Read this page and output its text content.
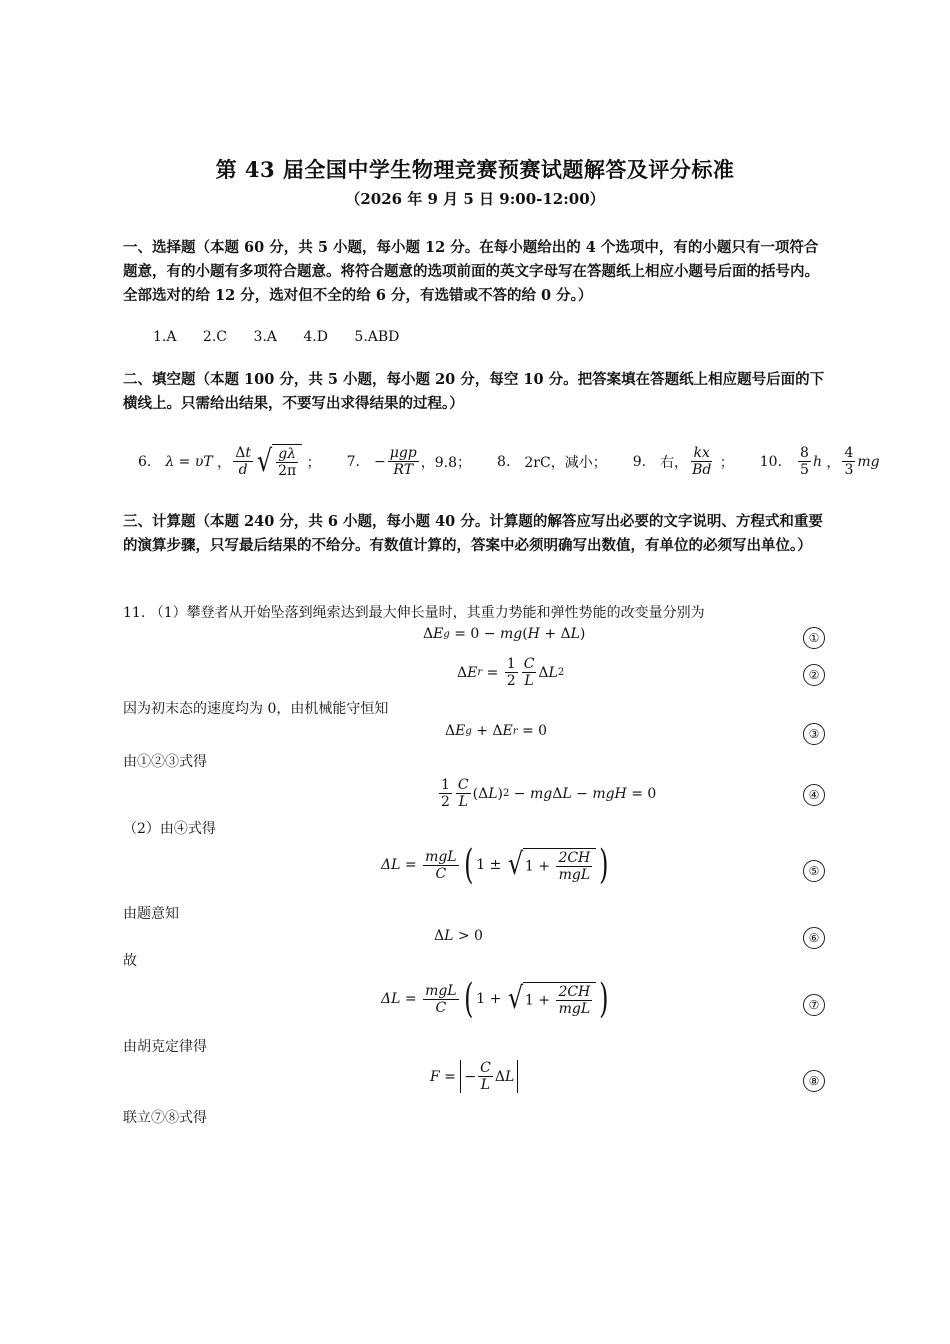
第 43 届全国中学生物理竞赛预赛试题解答及评分标准
（2026 年 9 月 5 日 9:00-12:00）
一、选择题（本题 60 分，共 5 小题，每小题 12 分。在每小题给出的 4 个选项中，有的小题只有一项符合题意，有的小题有多项符合题意。将符合题意的选项前面的英文字母写在答题纸上相应小题号后面的括号内。全部选对的给 12 分，选对但不全的给 6 分，有选错或不答的给 0 分。）
1.A 2.C 3.A 4.D 5.ABD
二、填空题（本题 100 分，共 5 小题，每小题 20 分，每空 10 分。把答案填在答题纸上相应题号后面的下横线上。只需给出结果，不要写出求得结果的过程。）
6. λ = υT ， $\frac{\Delta t}{d}$ √ $\frac{g\lambda}{2\pi}$ ； 7. − $\frac{\text{μgp}}{RT}$ ，9.8； 8. 2rC，减小； 9. 右， $\frac{kx}{Bd}$ ； 10. $\frac{8}{5}$ h ， $\frac{4}{3}$ mg
三、计算题（本题 240 分，共 6 小题，每小题 40 分。计算题的解答应写出必要的文字说明、方程式和重要的演算步骤，只写最后结果的不给分。有数值计算的，答案中必须明确写出数值，有单位的必须写出单位。）
11. （1）攀登者从开始坠落到绳索达到最大伸长量时，其重力势能和弹性势能的改变量分别为
Δ E g = 0 − mg ( H + Δ L )	①
Δ E $r = \frac{1}{2} \frac{C}{L}$ Δ L 2	②
因为初末态的速度均为 0，由机械能守恒知
Δ E g + Δ E r = 0	③
由①②③式得
$\frac{1}{2} \frac{C}{L} (\Delta$ L ) 2 − mg Δ L − mgH = 0	④
（2）由④式得
$\Delta L = \frac{\text{mgL}}{C}$ ( 1 ± √ $1 + \frac{2CH}{\text{mgL}}$ )	⑤
由题意知
Δ L > 0	⑥
故
$\Delta L = \frac{\text{mgL}}{C}$ ( 1 + √ $1 + \frac{2CH}{\text{mgL}}$ )	⑦
由胡克定律得
F = − $\frac{C}{L}$ Δ L	⑧
联立⑦⑧式得
